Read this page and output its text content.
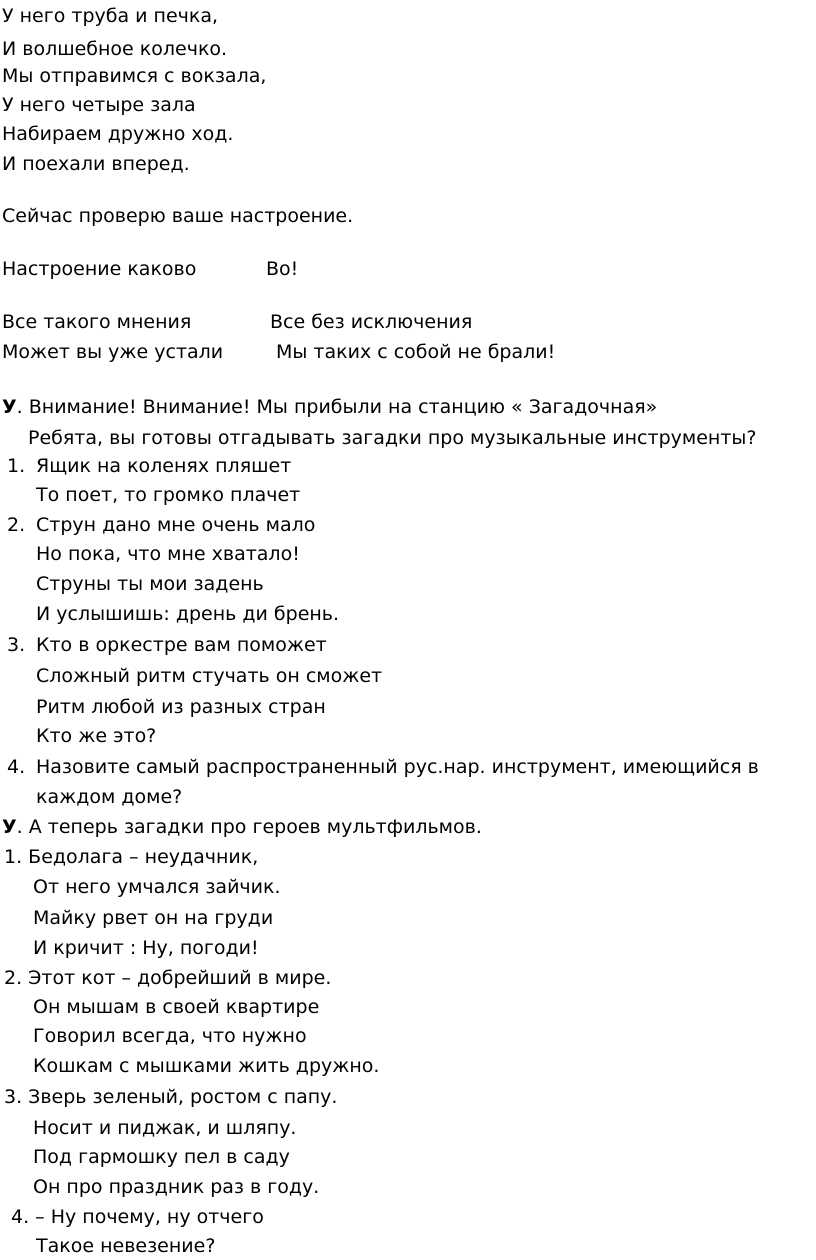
У него труба и печка,
И волшебное колечко.
Мы отправимся с вокзала,
У него четыре зала
Набираем дружно ход.
И поехали вперед.
Сейчас проверю ваше настроение.
Настроение каково	Во!
Все такого мнения	Все без исключения
Может вы уже устали	Мы таких с собой не брали!
У. Внимание! Внимание! Мы прибыли на станцию « Загадочная»
Ребята, вы готовы отгадывать загадки про музыкальные инструменты?
1. Ящик на коленях пляшет
То поет, то громко плачет
2. Струн дано мне очень мало
Но пока, что мне хватало!
Струны ты мои задень
И услышишь: дрень ди брень.
3. Кто в оркестре вам поможет
Сложный ритм стучать он сможет
Ритм любой из разных стран
Кто же это?
4. Назовите самый распространенный рус.нар. инструмент, имеющийся в
каждом доме?
У. А теперь загадки про героев мультфильмов.
1. Бедолага – неудачник,
От него умчался зайчик.
Майку рвет он на груди
И кричит : Ну, погоди!
2. Этот кот – добрейший в мире.
Он мышам в своей квартире
Говорил всегда, что нужно
Кошкам с мышками жить дружно.
3. Зверь зеленый, ростом с папу.
Носит и пиджак, и шляпу.
Под гармошку пел в саду
Он про праздник раз в году.
4. – Ну почему, ну отчего
Такое невезение?
